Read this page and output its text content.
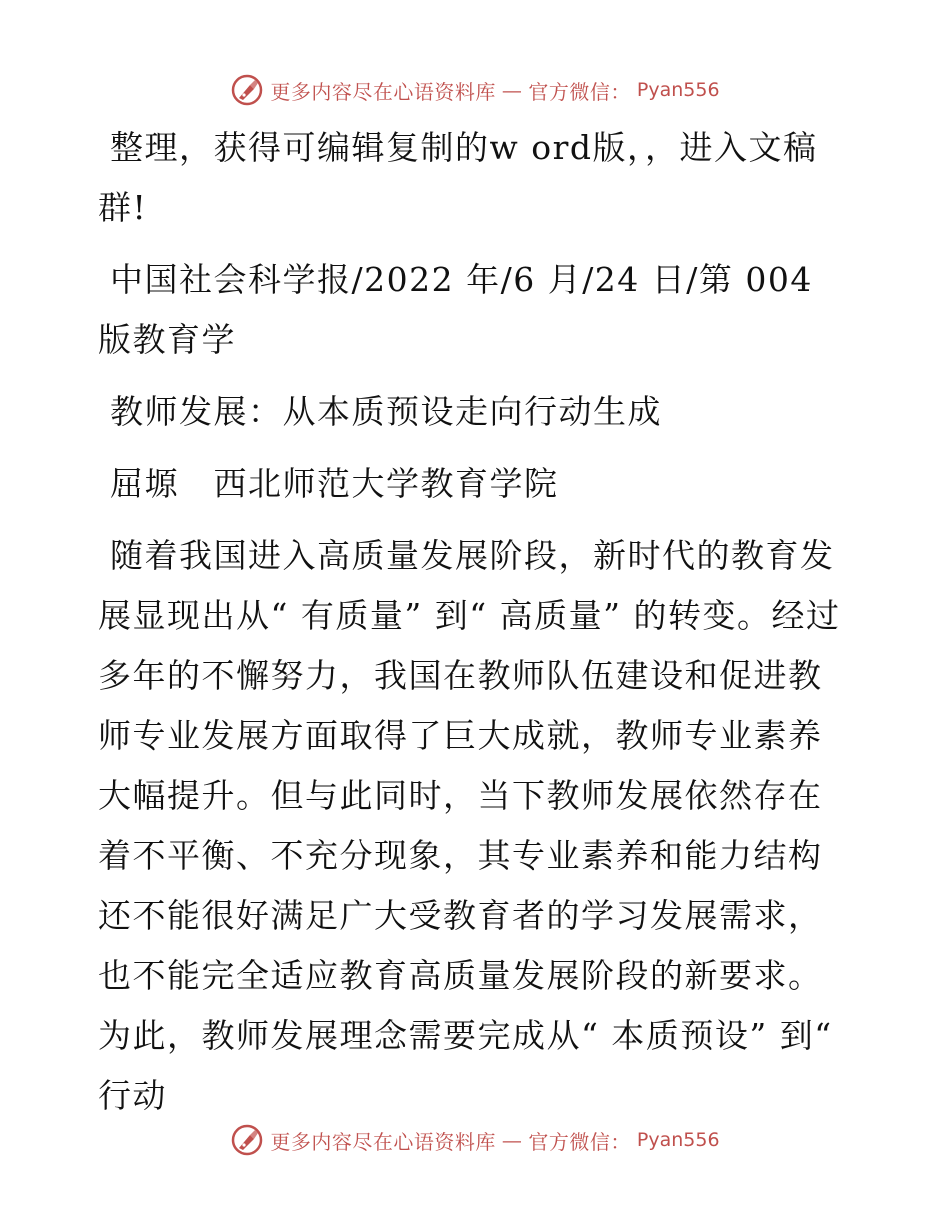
更多内容尽在心语资料库 — 官方微信： Pyan556

整理，获得可编辑复制的w ord版，，进入文稿群!

中国社会科学报/2022 年/6 月/24 日/第 004 版教育学

教师发展：从本质预设走向行动生成

屈塬　西北师范大学教育学院

随着我国进入高质量发展阶段，新时代的教育发展显现出从“ 有质量” 到“ 高质量” 的转变。经过多年的不懈努力，我国在教师队伍建设和促进教师专业发展方面取得了巨大成就，教师专业素养大幅提升。但与此同时，当下教师发展依然存在着不平衡、不充分现象，其专业素养和能力结构还不能很好满足广大受教育者的学习发展需求，也不能完全适应教育高质量发展阶段的新要求。为此，教师发展理念需要完成从“ 本质预设” 到“ 行动

更多内容尽在心语资料库 — 官方微信： Pyan556
